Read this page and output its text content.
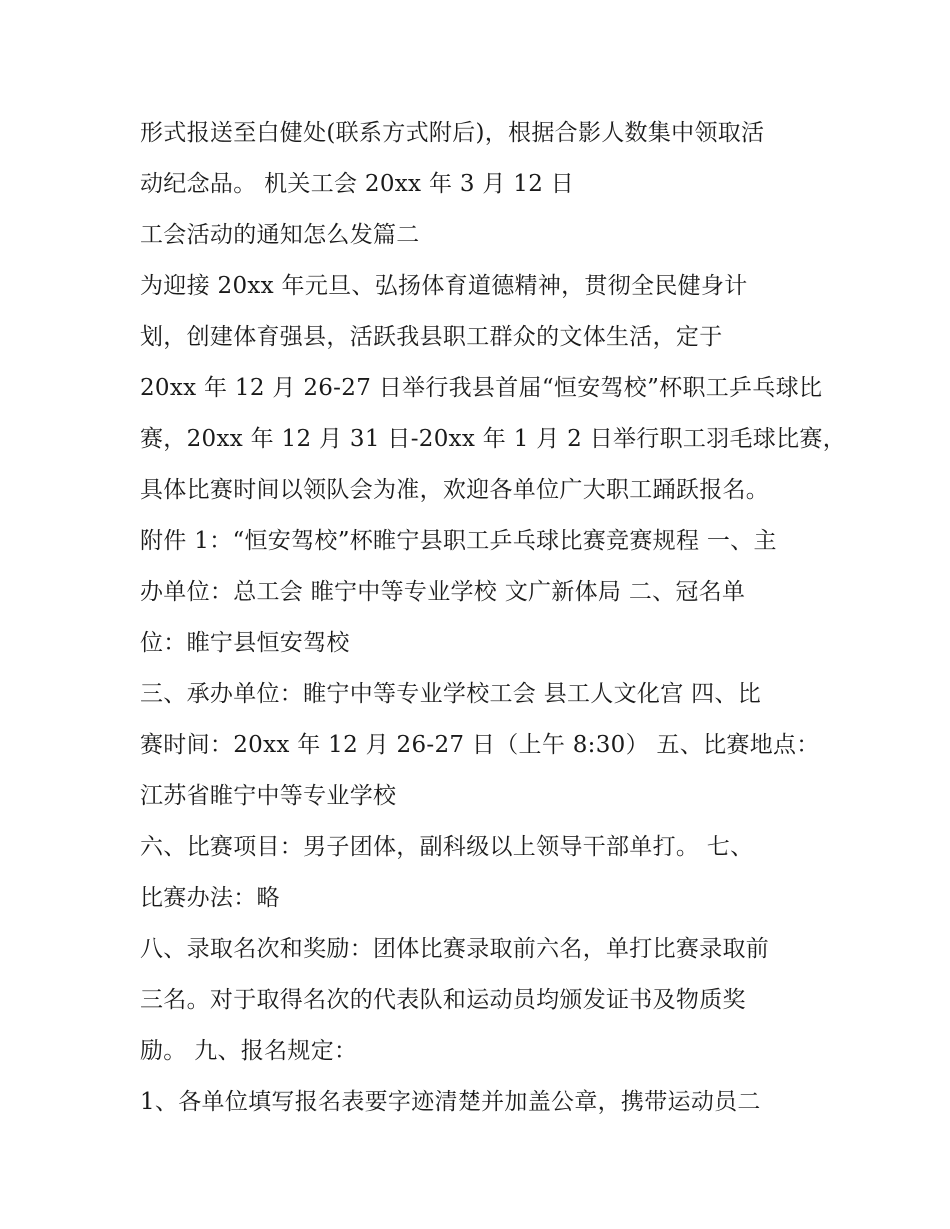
形式报送至白健处(联系方式附后)，根据合影人数集中领取活
动纪念品。 机关工会 20xx 年 3 月 12 日
工会活动的通知怎么发篇二
为迎接 20xx 年元旦、弘扬体育道德精神，贯彻全民健身计
划，创建体育强县，活跃我县职工群众的文体生活，定于
20xx 年 12 月 26-27 日举行我县首届“恒安驾校”杯职工乒乓球比
赛，20xx 年 12 月 31 日-20xx 年 1 月 2 日举行职工羽毛球比赛，
具体比赛时间以领队会为准，欢迎各单位广大职工踊跃报名。
附件 1：“恒安驾校”杯睢宁县职工乒乓球比赛竞赛规程 一、主
办单位：总工会 睢宁中等专业学校 文广新体局 二、冠名单
位：睢宁县恒安驾校
三、承办单位：睢宁中等专业学校工会 县工人文化宫 四、比
赛时间：20xx 年 12 月 26-27 日（上午 8:30） 五、比赛地点：
江苏省睢宁中等专业学校
六、比赛项目：男子团体，副科级以上领导干部单打。 七、
比赛办法：略
八、录取名次和奖励：团体比赛录取前六名，单打比赛录取前
三名。对于取得名次的代表队和运动员均颁发证书及物质奖
励。 九、报名规定：
1、各单位填写报名表要字迹清楚并加盖公章，携带运动员二
